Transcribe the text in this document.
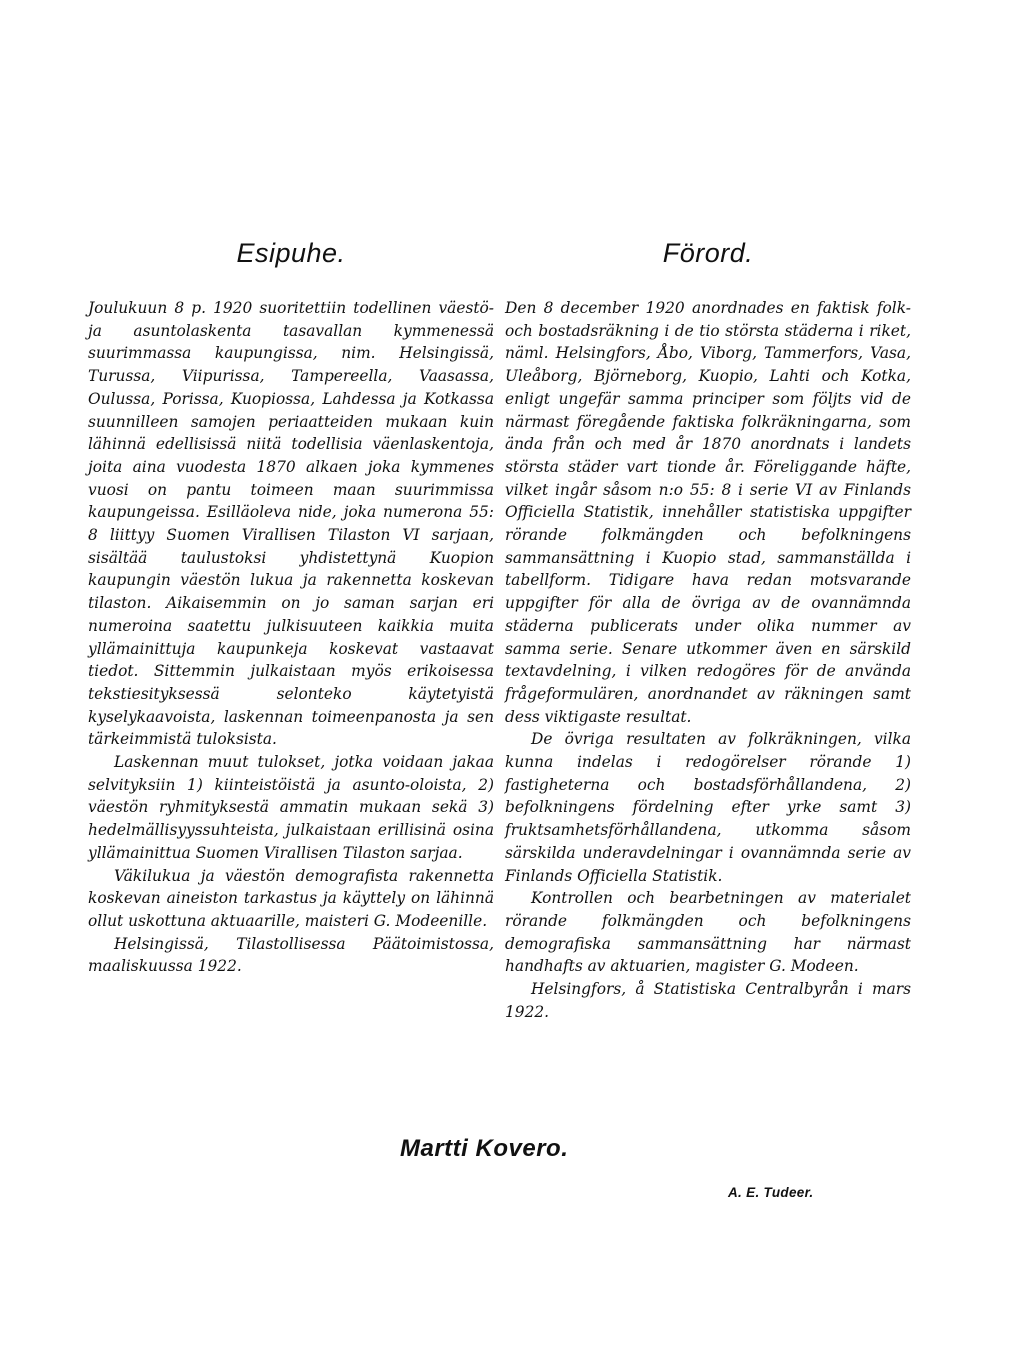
Esipuhe.

Joulukuun 8 p. 1920 suoritettiin todellinen väestö- ja asuntolaskenta tasavallan kymmenessä suurimmassa kaupungissa, nim. Helsingissä, Turussa, Viipurissa, Tampereella, Vaasassa, Oulussa, Porissa, Kuopiossa, Lahdessa ja Kotkassa suunnilleen samojen periaatteiden mukaan kuin lähinnä edellisissä niitä todellisia väenlaskentoja, joita aina vuodesta 1870 alkaen joka kymmenes vuosi on pantu toimeen maan suurimmissa kaupungeissa. Esilläoleva nide, joka numerona 55: 8 liittyy Suomen Virallisen Tilaston VI sarjaan, sisältää taulustoksi yhdistettynä Kuopion kaupungin väestön lukua ja rakennetta koskevan tilaston. Aikaisemmin on jo saman sarjan eri numeroina saatettu julkisuuteen kaikkia muita yllämainittuja kaupunkeja koskevat vastaavat tiedot. Sittemmin julkaistaan myös erikoisessa tekstiesityksessä selonteko käytetyistä kyselykaavoista, laskennan toimeenpanosta ja sen tärkeimmistä tuloksista.

Laskennan muut tulokset, jotka voidaan jakaa selvityksiin 1) kiinteistöistä ja asunto-oloista, 2) väestön ryhmityksestä ammatin mukaan sekä 3) hedelmällisyyssuhteista, julkaistaan erillisinä osina yllämainittua Suomen Virallisen Tilaston sarjaa.

Väkilukua ja väestön demografista rakennetta koskevan aineiston tarkastus ja käyttely on lähinnä ollut uskottuna aktuaarille, maisteri G. Modeenille.

Helsingissä, Tilastollisessa Päätoimistossa, maaliskuussa 1922.

Förord.

Den 8 december 1920 anordnades en faktisk folk- och bostadsräkning i de tio största städerna i riket, näml. Helsingfors, Åbo, Viborg, Tammerfors, Vasa, Uleåborg, Björneborg, Kuopio, Lahti och Kotka, enligt ungefär samma principer som följts vid de närmast föregående faktiska folkräkningarna, som ända från och med år 1870 anordnats i landets största städer vart tionde år. Föreliggande häfte, vilket ingår såsom n:o 55: 8 i serie VI av Finlands Officiella Statistik, innehåller statistiska uppgifter rörande folkmängden och befolkningens sammansättning i Kuopio stad, sammanställda i tabellform. Tidigare hava redan motsvarande uppgifter för alla de övriga av de ovannämnda städerna publicerats under olika nummer av samma serie. Senare utkommer även en särskild textavdelning, i vilken redogöres för de använda frågeformulären, anordnandet av räkningen samt dess viktigaste resultat.

De övriga resultaten av folkräkningen, vilka kunna indelas i redogörelser rörande 1) fastigheterna och bostadsförhållandena, 2) befolkningens fördelning efter yrke samt 3) fruktsamhetsförhållandena, utkomma såsom särskilda underavdelningar i ovannämnda serie av Finlands Officiella Statistik.

Kontrollen och bearbetningen av materialet rörande folkmängden och befolkningens demografiska sammansättning har närmast handhafts av aktuarien, magister G. Modeen.

Helsingfors, å Statistiska Centralbyrån i mars 1922.

Martti Kovero.
A. E. Tudeer.
